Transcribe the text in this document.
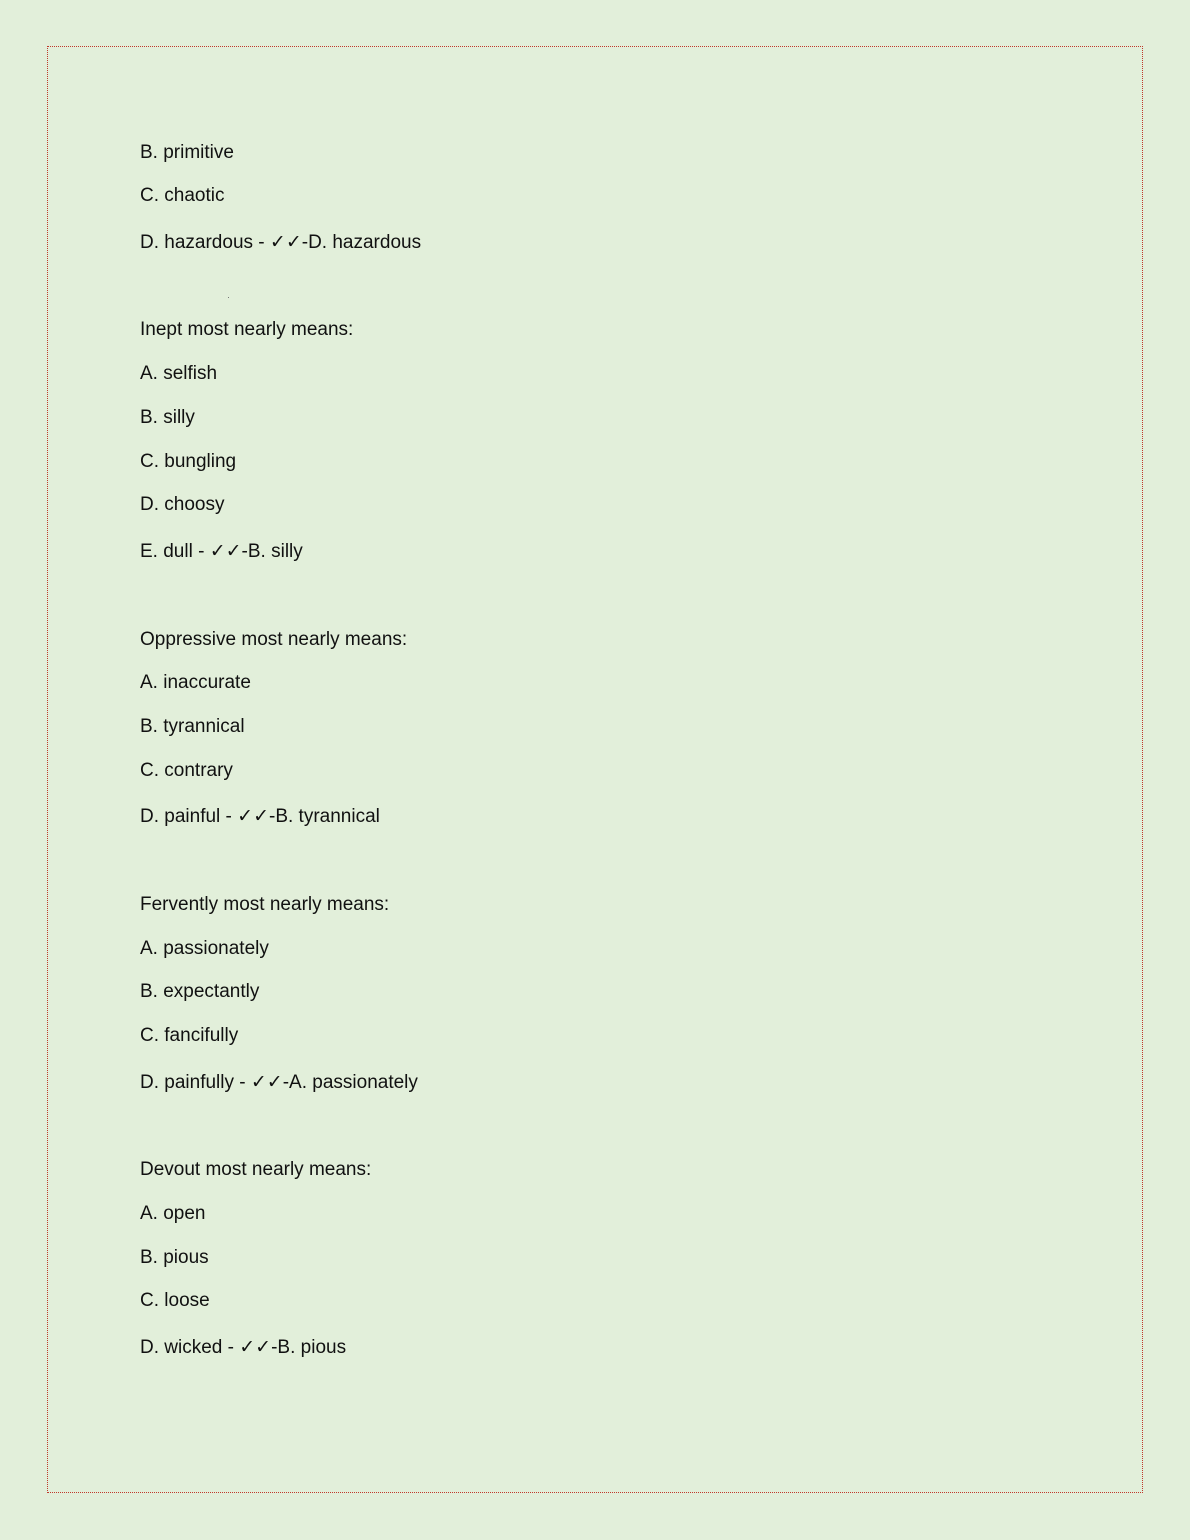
B. primitive
C. chaotic
D. hazardous - ✓✓-D. hazardous
Inept most nearly means:
A. selfish
B. silly
C. bungling
D. choosy
E. dull - ✓✓-B. silly
Oppressive most nearly means:
A. inaccurate
B. tyrannical
C. contrary
D. painful - ✓✓-B. tyrannical
Fervently most nearly means:
A. passionately
B. expectantly
C. fancifully
D. painfully - ✓✓-A. passionately
Devout most nearly means:
A. open
B. pious
C. loose
D. wicked - ✓✓-B. pious
